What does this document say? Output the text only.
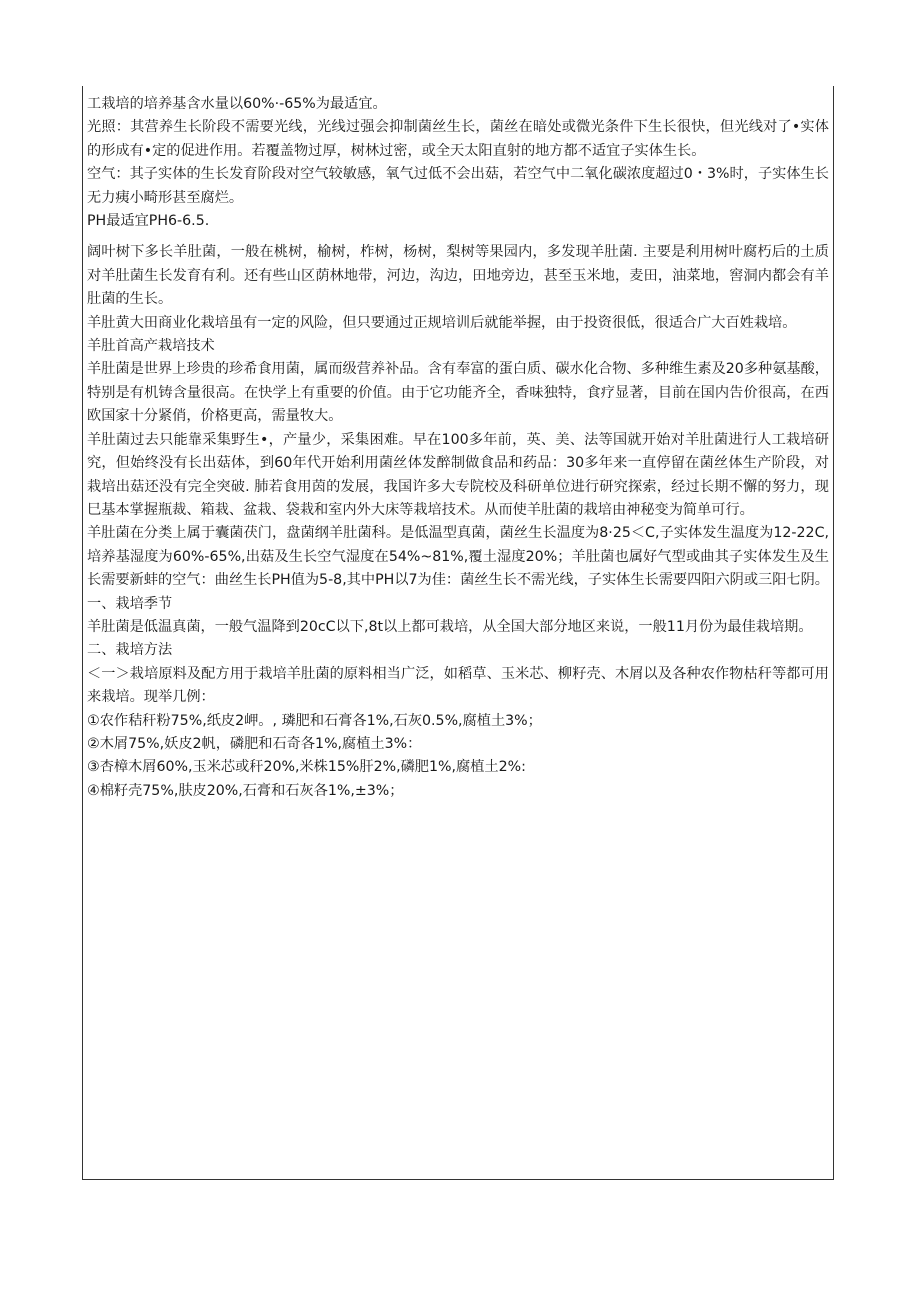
工栽培的培养基含水量以60%·-65%为最适宜。

光照：其营养生长阶段不需要光线，光线过强会抑制菌丝生长，菌丝在暗处或微光条件下生长很快，但光线对了•实体的形成有•定的促进作用。若覆盖物过厚，树林过密，或全天太阳直射的地方都不适宜子实体生长。

空气：其子实体的生长发育阶段对空气较敏感，氧气过低不会出菇，若空气中二氧化碳浓度超过0・3%时，子实体生长无力痍小畸形甚至腐烂。

PH最适宜PH6-6.5.

阔叶树下多长羊肚菌，一般在桃树，榆树，柞树，杨树，梨树等果园内，多发现羊肚菌. 主要是利用树叶腐朽后的土质对羊肚菌生长发育有利。还有些山区荫林地带，河边，沟边，田地旁边，甚至玉米地，麦田，油菜地，窖洞内都会有羊肚菌的生长。

羊肚黄大田商业化栽培虽有一定的风险，但只要通过正规培训后就能举握，由于投资很低，很适合广大百姓栽培。

羊肚首高产栽培技术

羊肚菌是世界上珍贵的珍希食用菌，属而级营养补品。含有奉富的蛋白质、碳水化合物、多种维生素及20多种氨基酸，特别是有机铸含量很高。在快学上有重要的价值。由于它功能齐全，香味独特，食疗显著，目前在国内告价很高，在西欧国家十分紧俏，价格更高，需量牧大。

羊肚菌过去只能靠采集野生•，产量少，采集困难。早在100多年前，英、美、法等国就开始对羊肚菌进行人工栽培研究，但始终没有长出菇体，到60年代开始利用菌丝体发醉制做食品和药品：30多年来一直停留在菌丝体生产阶段，对栽培出菇还没有完全突破. 肺若食用茵的发展，我国许多大专院校及科研单位进行研究探索，经过长期不懈的努力，现巳基本掌握瓶裁、箱栽、盆栽、袋栽和室内外大床等栽培技术。从而使羊肚菌的栽培由神秘变为简单可行。

羊肚菌在分类上属于囊菌茯门，盘菌纲羊肚菌科。是低温型真菌，菌丝生长温度为8·25＜C,子实体发生温度为12-22C,培养基湿度为60%-65%,出菇及生长空气湿度在54%~81%,覆土湿度20%；羊肚菌也属好气型或曲其子实体发生及生长需要新蚌的空气：曲丝生长PH值为5-8,其中PH以7为佳：菌丝生长不需光线，子实体生长需要四阳六阴或三阳七阴。

一、栽培季节

羊肚菌是低温真菌，一般气温降到20cC以下,8t以上都可栽培，从全国大部分地区来说，一般11月份为最佳栽培期。

二、栽培方法

＜一＞栽培原料及配方用于栽培羊肚菌的原料相当广泛，如稻草、玉米芯、柳籽壳、木屑以及各种农作物枯秆等都可用来栽培。现举几例：

①农作秸秆粉75%,纸皮2岬。, 璘肥和石膏各1%,石灰0.5%,腐植土3%；

②木屑75%,妖皮2帆，磷肥和石奇各1%,腐植土3%：

③杏樟木屑60%,玉米芯或秆20%,米株15%肝2%,磷肥1%,腐植土2%:

④棉籽壳75%,肤皮20%,石膏和石灰各1%,±3%；
